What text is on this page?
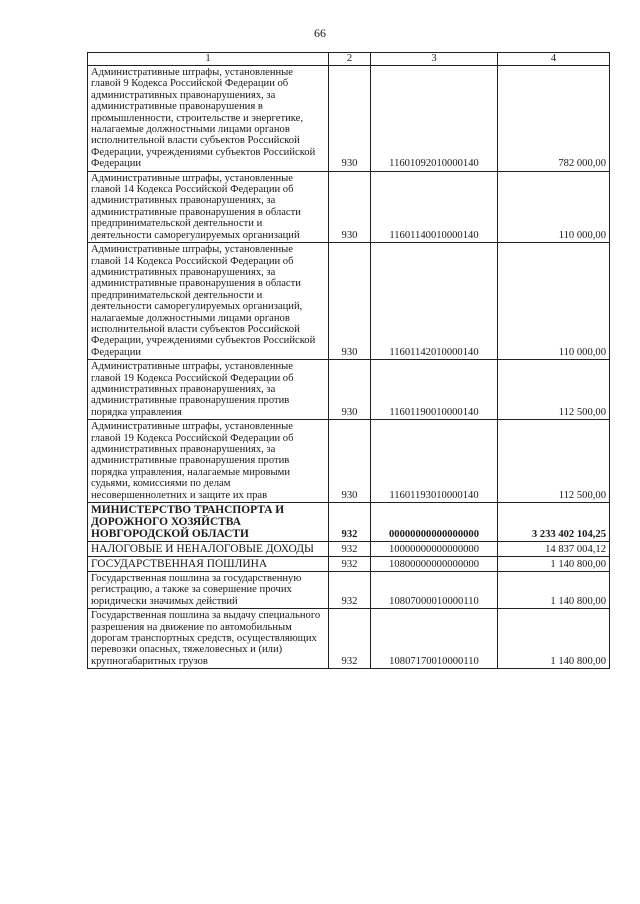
66
1	2	3	4
Административные штрафы, установленные главой 9 Кодекса Российской Федерации об административных правонарушениях, за административные правонарушения в промышленности, строительстве и энергетике, налагаемые должностными лицами органов исполнительной власти субъектов Российской Федерации, учреждениями субъектов Российской Федерации	930	11601092010000140	782 000,00
Административные штрафы, установленные главой 14 Кодекса Российской Федерации об административных правонарушениях, за административные правонарушения в области предпринимательской деятельности и деятельности саморегулируемых организаций	930	11601140010000140	110 000,00
Административные штрафы, установленные главой 14 Кодекса Российской Федерации об административных правонарушениях, за административные правонарушения в области предпринимательской деятельности и деятельности саморегулируемых организаций, налагаемые должностными лицами органов исполнительной власти субъектов Российской Федерации, учреждениями субъектов Российской Федерации	930	11601142010000140	110 000,00
Административные штрафы, установленные главой 19 Кодекса Российской Федерации об административных правонарушениях, за административные правонарушения против порядка управления	930	11601190010000140	112 500,00
Административные штрафы, установленные главой 19 Кодекса Российской Федерации об административных правонарушениях, за административные правонарушения против порядка управления, налагаемые мировыми судьями, комиссиями по делам несовершеннолетних и защите их прав	930	11601193010000140	112 500,00
МИНИСТЕРСТВО ТРАНСПОРТА И ДОРОЖНОГО ХОЗЯЙСТВА НОВГОРОДСКОЙ ОБЛАСТИ	932	00000000000000000	3 233 402 104,25
НАЛОГОВЫЕ И НЕНАЛОГОВЫЕ ДОХОДЫ	932	10000000000000000	14 837 004,12
ГОСУДАРСТВЕННАЯ ПОШЛИНА	932	10800000000000000	1 140 800,00
Государственная пошлина за государственную регистрацию, а также за совершение прочих юридически значимых действий	932	10807000010000110	1 140 800,00
Государственная пошлина за выдачу специального разрешения на движение по автомобильным дорогам транспортных средств, осуществляющих перевозки опасных, тяжеловесных и (или) крупногабаритных грузов	932	10807170010000110	1 140 800,00
